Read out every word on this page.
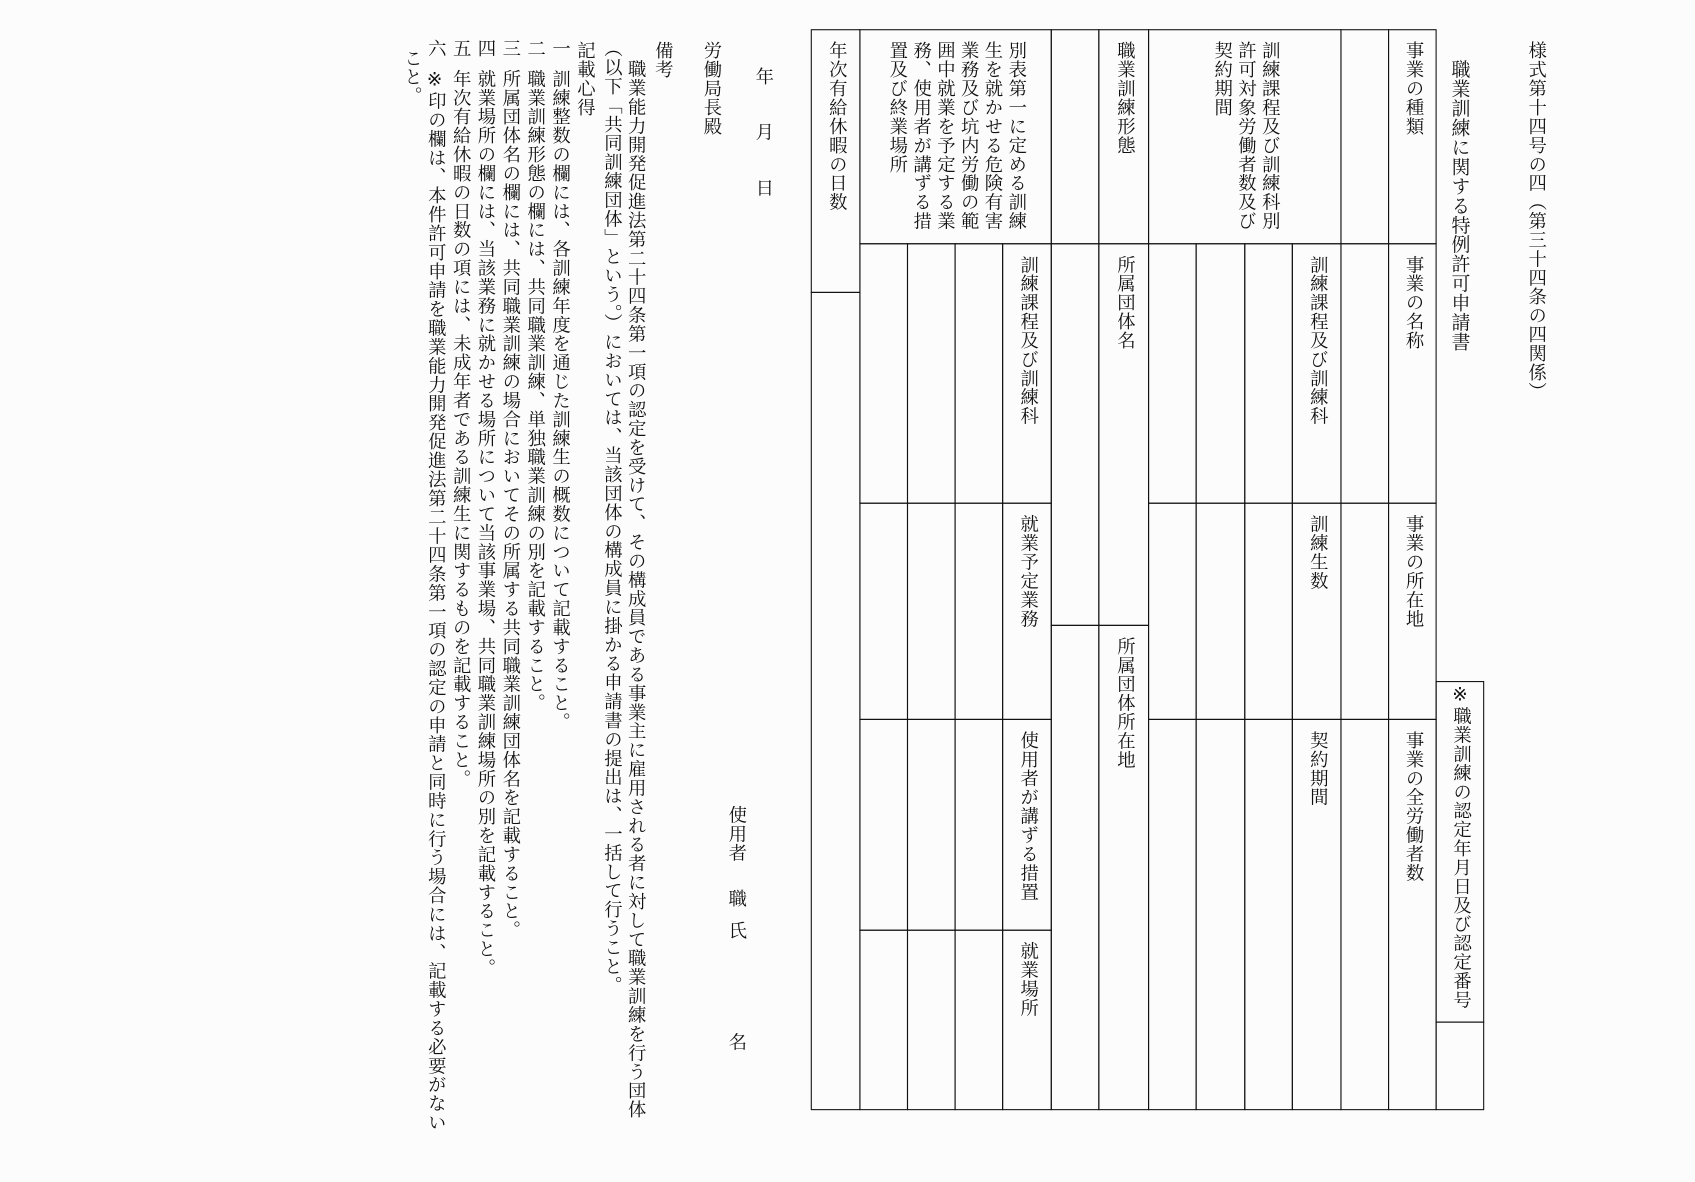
様式第十四号の四（第三十四条の四関係）
職業訓練に関する特例許可申請書
事業の種類
事業の名称
事業の所在地
事業の全労働者数
訓練課程及び訓練科別許可対象労働者数及び契約期間
訓練課程及び訓練科
訓練生数
契約期間
職業訓練形態
所属団体名
所属団体所在地
別表第一に定める訓練生を就かせる危険有害業務及び坑内労働の範囲中就業を予定する業務、使用者が講ずる措置及び終業場所
訓練課程及び訓練科
就業予定業務
使用者が講ずる措置
就業場所
年次有給休暇の日数
※職業訓練の認定年月日及び認定番号
年
月
日
使用者
職
氏
名
労働局長殿
備考
職業能力開発促進法第二十四条第一項の認定を受けて、その構成員である事業主に雇用される者に対して職業訓練を行う団体
（以下「共同訓練団体」という。）においては、当該団体の構成員に掛かる申請書の提出は、一括して行うこと。
記載心得
一
訓練整数の欄には、各訓練年度を通じた訓練生の概数について記載すること。
二
職業訓練形態の欄には、共同職業訓練、単独職業訓練の別を記載すること。
三
所属団体名の欄には、共同職業訓練の場合においてその所属する共同職業訓練団体名を記載すること。
四
就業場所の欄には、当該業務に就かせる場所について当該事業場、共同職業訓練場所の別を記載すること。
五
年次有給休暇の日数の項には、未成年者である訓練生に関するものを記載すること。
六
※印の欄は、本件許可申請を職業能力開発促進法第二十四条第一項の認定の申請と同時に行う場合には、記載する必要がない
こと。
